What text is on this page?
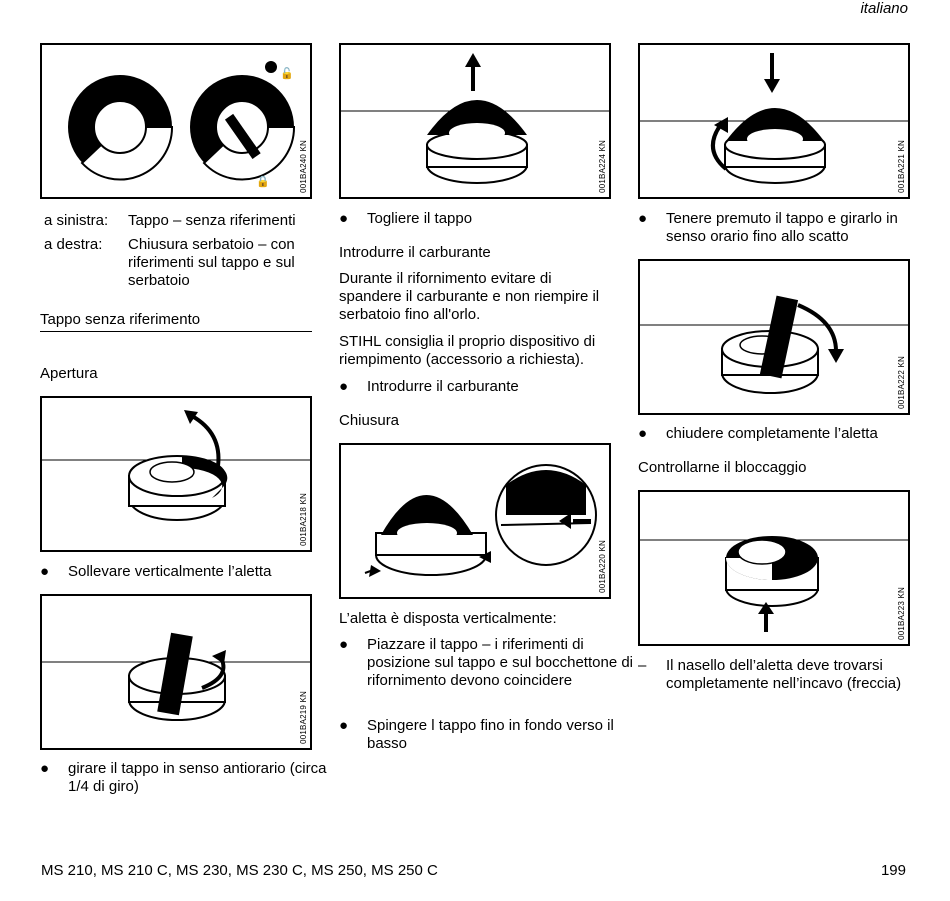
italiano
🔓
🔒	001BA240 KN
a sinistra: Tappo – senza riferimenti
a destra: Chiusura serbatoio – con riferimenti sul tappo e sul serbatoio
Tappo senza riferimento
Apertura
001BA218 KN
● Sollevare verticalmente l’aletta
001BA219 KN
● girare il tappo in senso antiorario (circa 1/4 di giro)
001BA224 KN
● Togliere il tappo
Introdurre il carburante
Durante il rifornimento evitare di spandere il carburante e non riempire il serbatoio fino all'orlo.
STIHL consiglia il proprio dispositivo di riempimento (accessorio a richiesta).
● Introdurre il carburante
Chiusura
001BA220 KN
L’aletta è disposta verticalmente:
● Piazzare il tappo – i riferimenti di posizione sul tappo e sul bocchettone di rifornimento devono coincidere
● Spingere l tappo fino in fondo verso il basso
001BA221 KN
● Tenere premuto il tappo e girarlo in senso orario fino allo scatto
001BA222 KN
● chiudere completamente l’aletta
Controllarne il bloccaggio
001BA223 KN
– Il nasello dell’aletta deve trovarsi completamente nell’incavo (freccia)
MS 210, MS 210 C, MS 230, MS 230 C, MS 250, MS 250 C	199
